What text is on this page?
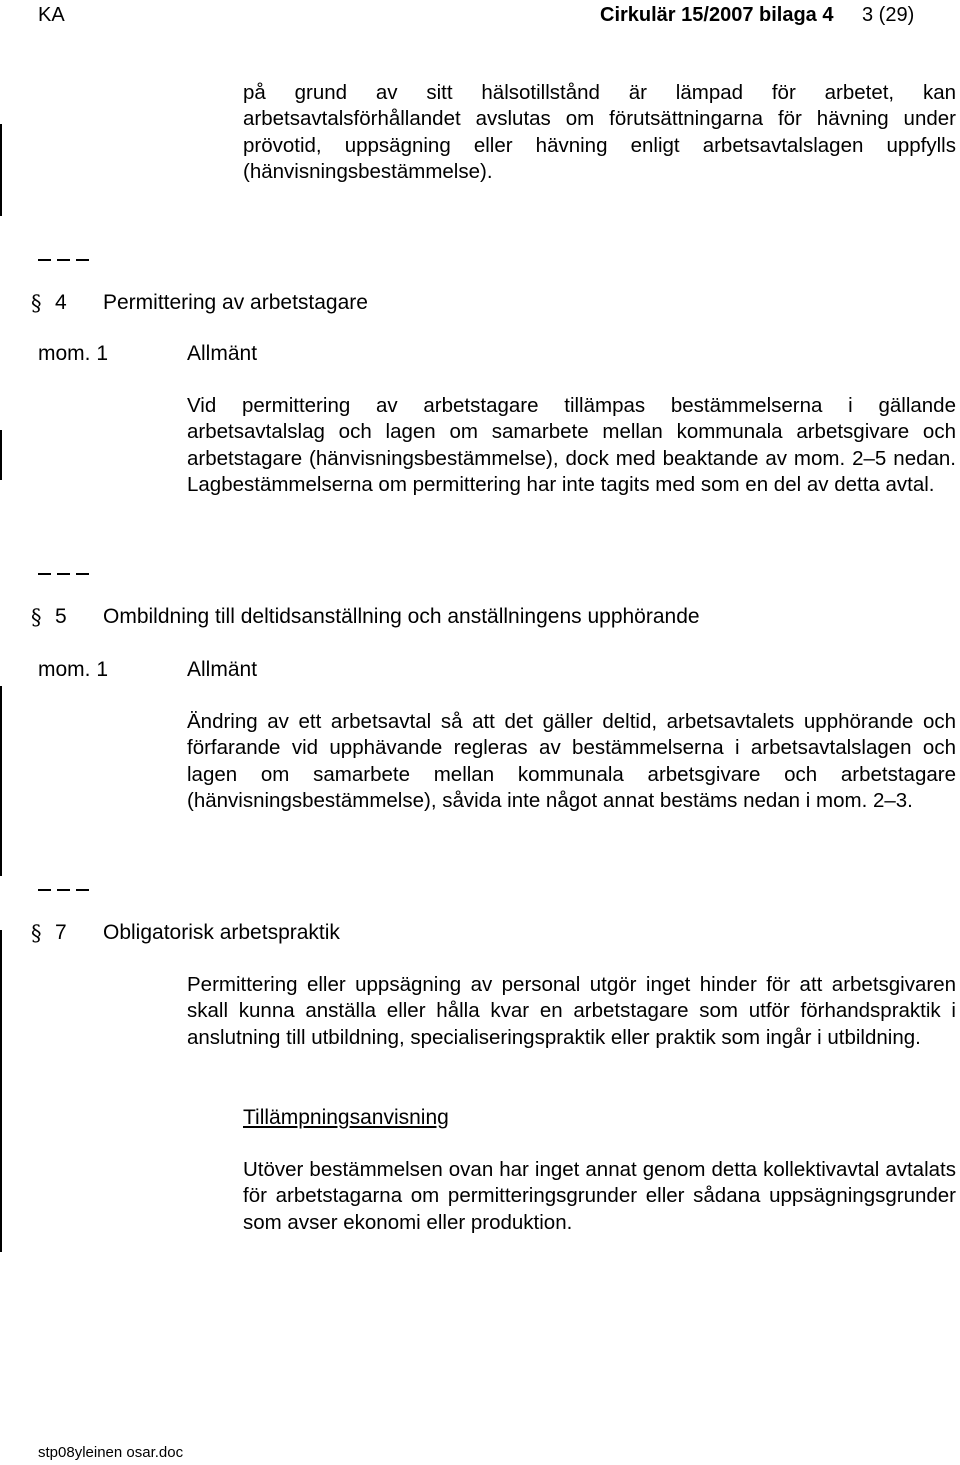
KA	Cirkulär 15/2007 bilaga 4 3 (29)
på grund av sitt hälsotillstånd är lämpad för arbetet, kan arbetsavtalsförhållandet avslutas om förutsättningarna för hävning under prövotid, uppsägning eller hävning enligt arbetsavtalslagen uppfylls (hänvisningsbestämmelse).
§ 4 Permittering av arbetstagare
mom. 1	Allmänt
Vid permittering av arbetstagare tillämpas bestämmelserna i gällande arbetsavtalslag och lagen om samarbete mellan kommunala arbetsgivare och arbetstagare (hänvisningsbestämmelse), dock med beaktande av mom. 2–5 nedan. Lagbestämmelserna om permittering har inte tagits med som en del av detta avtal.
§ 5 Ombildning till deltidsanställning och anställningens upphörande
mom. 1	Allmänt
Ändring av ett arbetsavtal så att det gäller deltid, arbetsavtalets upphörande och förfarande vid upphävande regleras av bestämmelserna i arbetsavtalslagen och lagen om samarbete mellan kommunala arbetsgivare och arbetstagare (hänvisningsbestämmelse), såvida inte något annat bestäms nedan i mom. 2–3.
§ 7 Obligatorisk arbetspraktik
Permittering eller uppsägning av personal utgör inget hinder för att arbetsgivaren skall kunna anställa eller hålla kvar en arbetstagare som utför förhandspraktik i anslutning till utbildning, specialiseringspraktik eller praktik som ingår i utbildning.
Tillämpningsanvisning
Utöver bestämmelsen ovan har inget annat genom detta kollektivavtal avtalats för arbetstagarna om permitteringsgrunder eller sådana uppsägningsgrunder som avser ekonomi eller produktion.
stp08yleinen osar.doc
